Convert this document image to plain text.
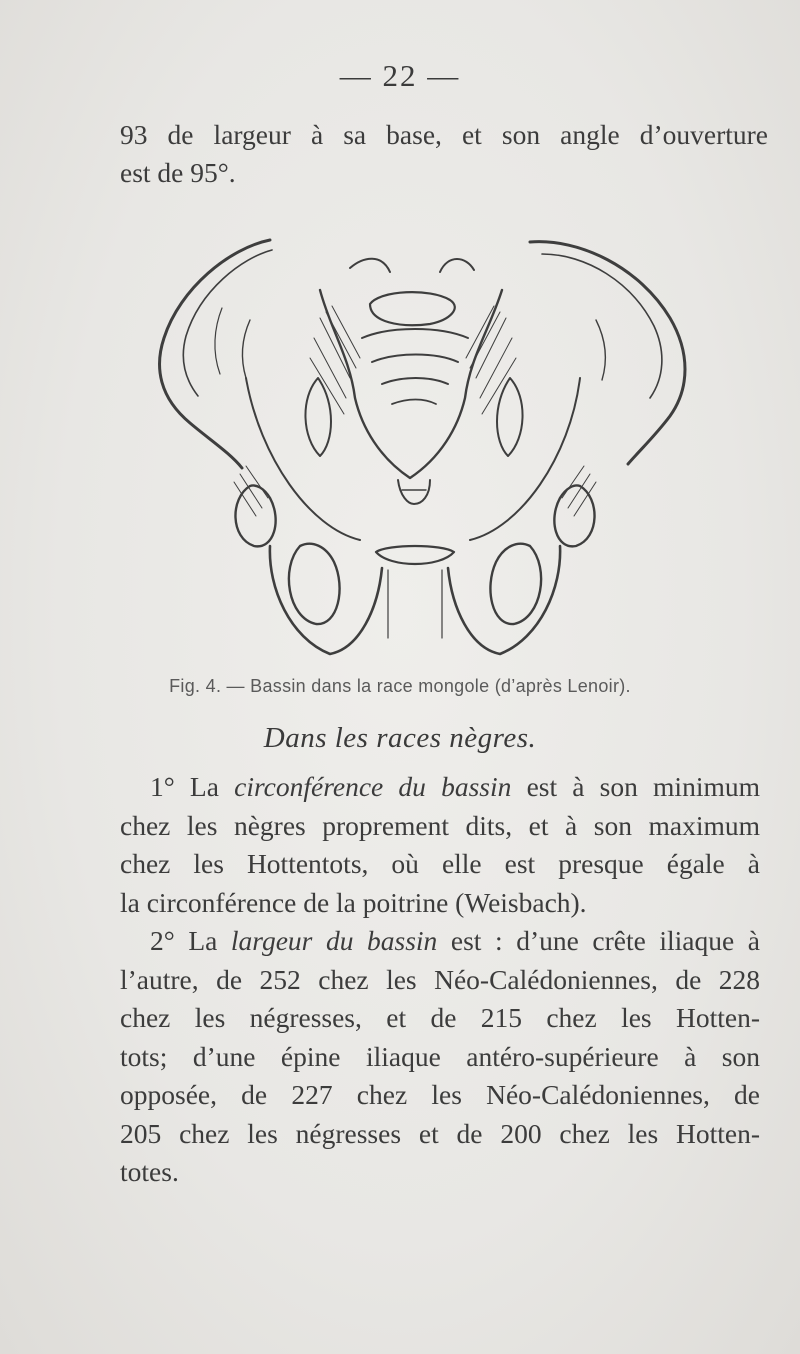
— 22 —
93 de largeur à sa base, et son angle d’ouverture
est de 95°.
Fig. 4. — Bassin dans la race mongole (d’après Lenoir).
Dans les races nègres.
1° La circonférence du bassin est à son minimum
chez les nègres proprement dits, et à son maximum
chez les Hottentots, où elle est presque égale à
la circonférence de la poitrine (Weisbach).
2° La largeur du bassin est : d’une crête iliaque à
l’autre, de 252 chez les Néo-Calédoniennes, de 228
chez les négresses, et de 215 chez les Hotten-
tots; d’une épine iliaque antéro-supérieure à son
opposée, de 227 chez les Néo-Calédoniennes, de
205 chez les négresses et de 200 chez les Hotten-
totes.
